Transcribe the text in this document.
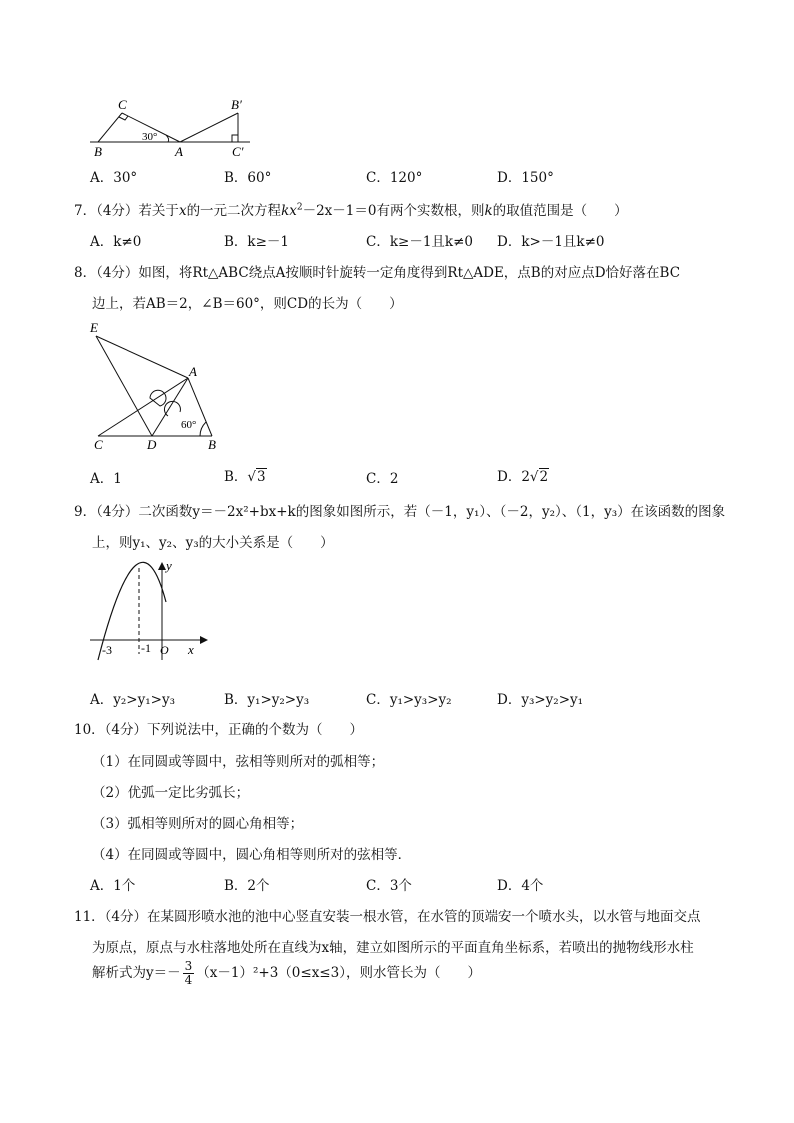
C
B	A
B′
C′
30°
A．30°	B．60°	C．120°	D．150°
7．（4分）若关于x的一元二次方程$kx^2-2x-1=0$有两个实数根，则k的取值范围是（　　）
A．k≠0	B．k≥－1	C．k≥－1且k≠0 D．k>－1且k≠0
8．（4分）如图，将Rt△ABC绕点A按顺时针旋转一定角度得到Rt△ADE，点B的对应点D恰好落在BC
边上，若AB＝2，∠B＝60°，则CD的长为（　　）
E
A
C	D	B
60°
A．1	B．√3	C．2	D．2√2
9．（4分）二次函数y＝－2x²+bx+k的图象如图所示，若（－1，y₁）、（－2，y₂）、（1，y₃）在该函数的图象
上，则y₁、y₂、y₃的大小关系是（　　）
y
x
O
-3 -1
A．y₂>y₁>y₃	B．y₁>y₂>y₃	C．y₁>y₃>y₂	D．y₃>y₂>y₁
10．（4分）下列说法中，正确的个数为（　　）
（1）在同圆或等圆中，弦相等则所对的弧相等；
（2）优弧一定比劣弧长；
（3）弧相等则所对的圆心角相等；
（4）在同圆或等圆中，圆心角相等则所对的弦相等．
A．1个	B．2个	C．3个	D．4个
11．（4分）在某圆形喷水池的池中心竖直安装一根水管，在水管的顶端安一个喷水头，以水管与地面交点
为原点，原点与水柱落地处所在直线为x轴，建立如图所示的平面直角坐标系，若喷出的抛物线形水柱
解析式为$y=- \frac{3}{4} (x-1)^2+3(0\le x\le 3)$，则水管长为（　　）
